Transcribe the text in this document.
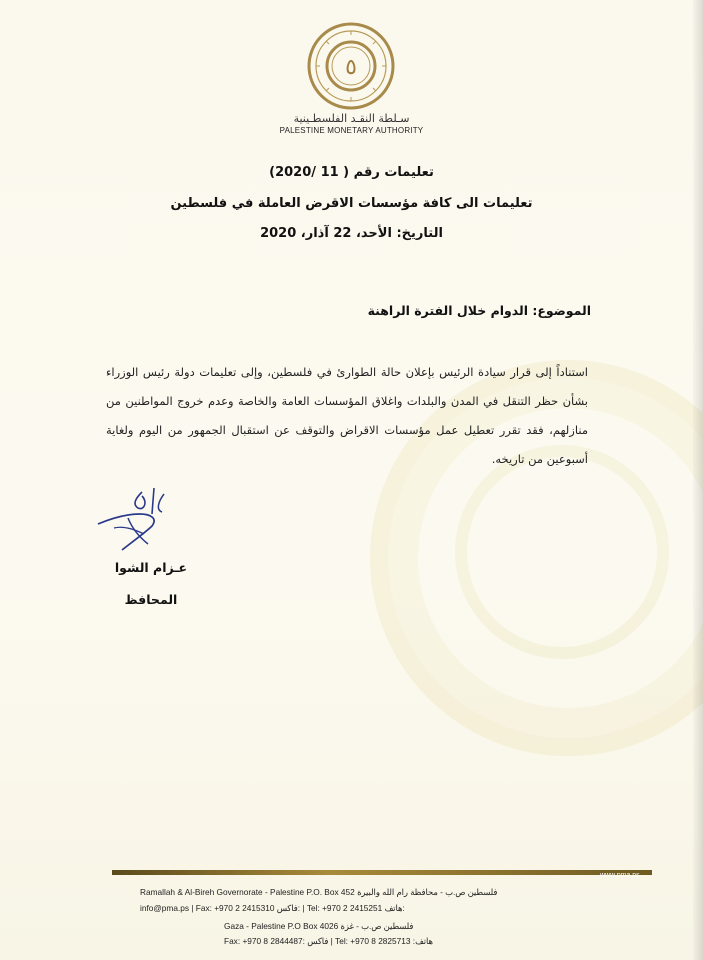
٥
سـلطة النقـد الفلسطـينية
PALESTINE MONETARY AUTHORITY
تعليمات رقم ( 11 /2020)
تعليمات الى كافة مؤسسات الاقرض العاملة في فلسطين
التاريخ: الأحد، 22 آذار، 2020
الموضوع: الدوام خلال الفترة الراهنة
استناداً إلى قرار سيادة الرئيس بإعلان حالة الطوارئ في فلسطين، وإلى تعليمات دولة رئيس الوزراء بشأن حظر التنقل في المدن والبلدات واغلاق المؤسسات العامة والخاصة وعدم خروج المواطنين من منازلهم، فقد تقرر تعطيل عمل مؤسسات الاقراض والتوقف عن استقبال الجمهور من اليوم ولغاية أسبوعين من تاريخه.
عـزام الشوا
المحافظ
www.pma.ps
Ramallah & Al-Bireh Governorate - Palestine P.O. Box 452 فلسطين ص.ب - محافظة رام الله والبيرة
info@pma.ps | Fax: +970 2 2415310 فاكس: | Tel: +970 2 2415251 هاتف:
Gaza - Palestine P.O Box 4026 فلسطين ص.ب - غزة
Fax: +970 8 2844487: فاكس | Tel: +970 8 2825713 :هاتف
